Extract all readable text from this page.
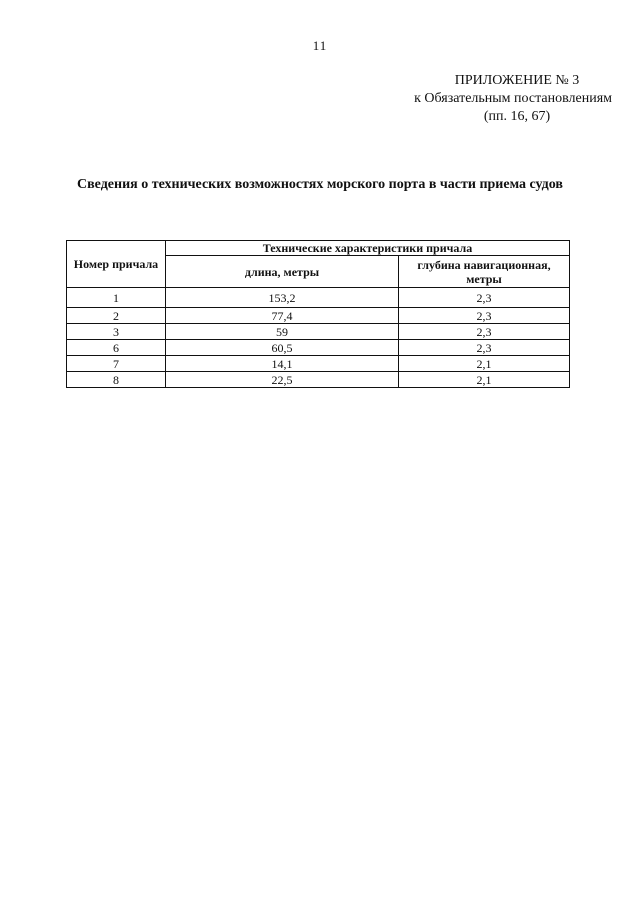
11
ПРИЛОЖЕНИЕ № 3
к Обязательным постановлениям
(пп. 16, 67)
Сведения о технических возможностях морского порта в части приема судов
Номер причала	Технические характеристики причала	
	длина, метры	глубина навигационная, метры
1	153,2	2,3
2	77,4	2,3
3	59	2,3
6	60,5	2,3
7	14,1	2,1
8	22,5	2,1
